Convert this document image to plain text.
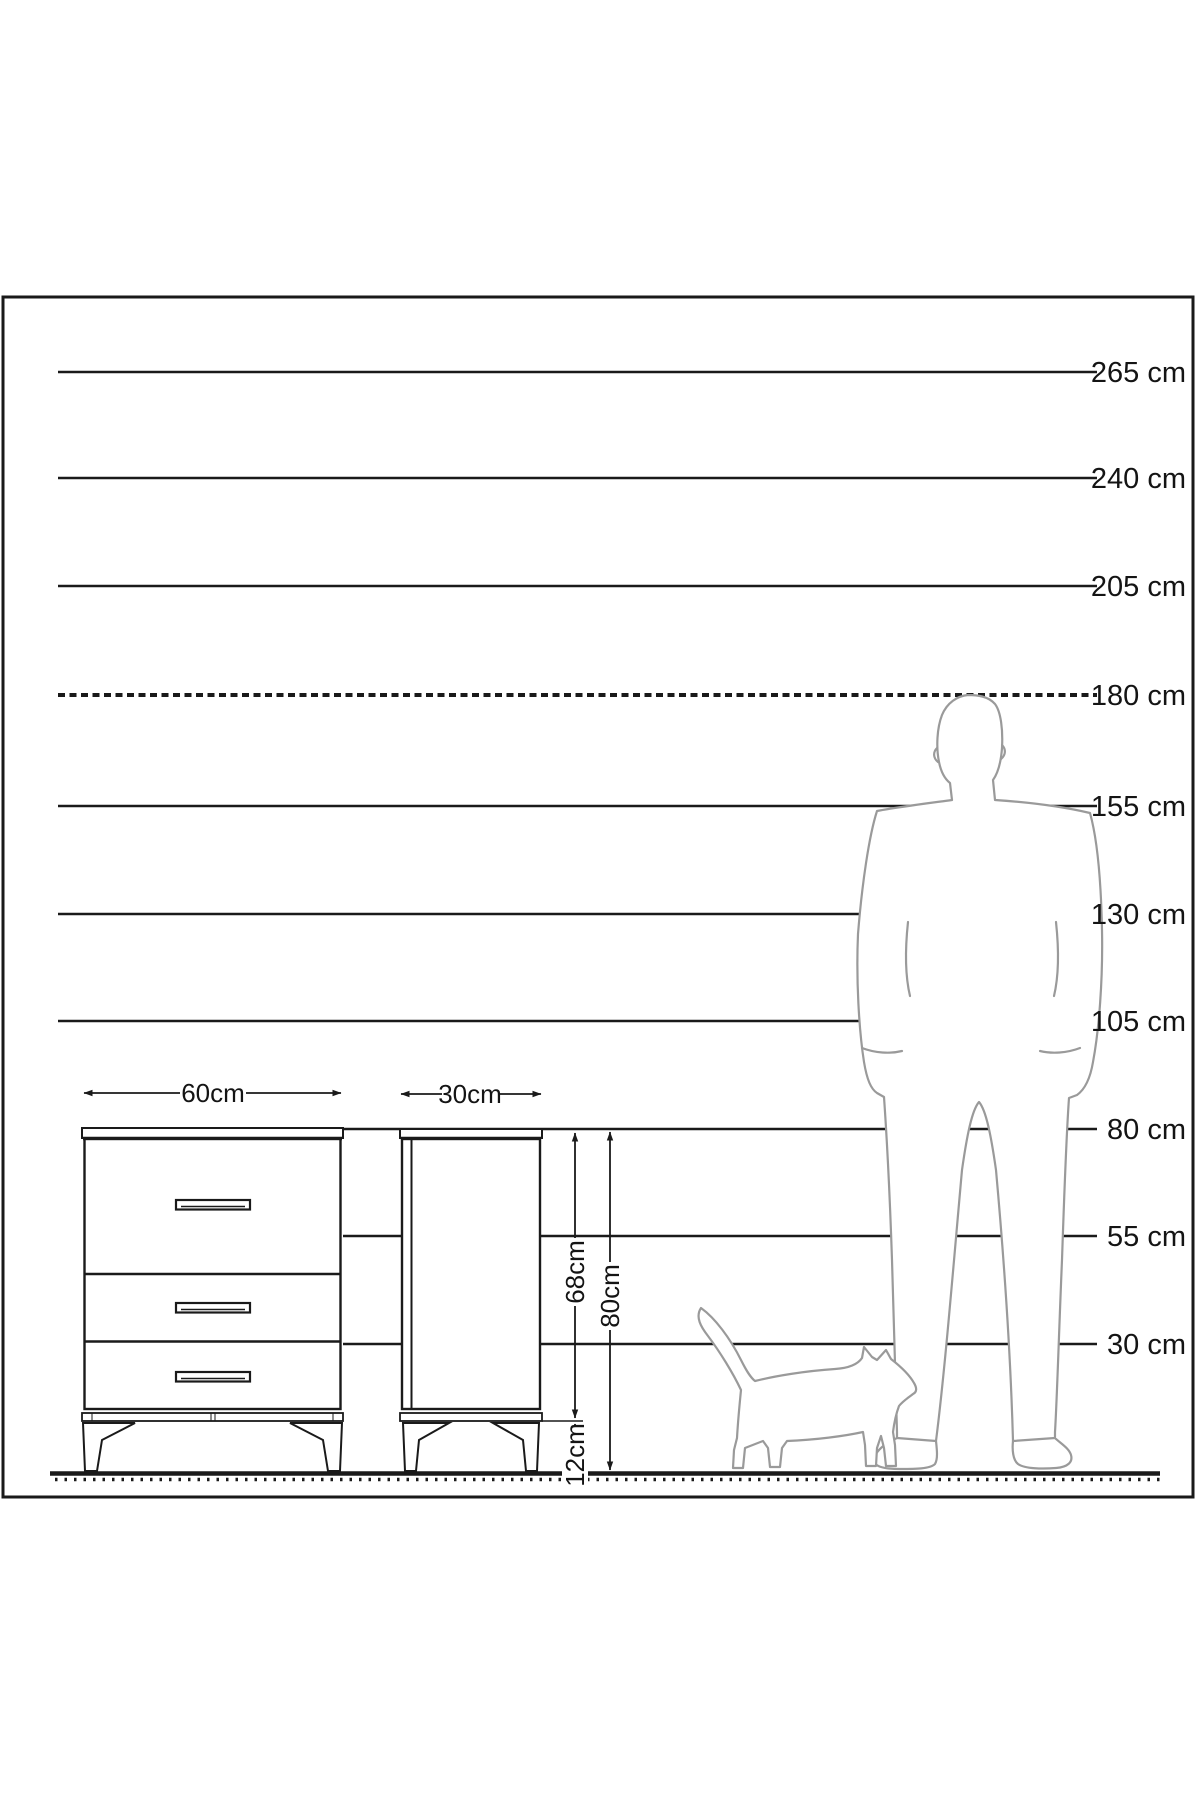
60cm	30cm
68cm
12cm
80cm
265 cm
240 cm
205 cm
180 cm
155 cm
130 cm
105 cm
80 cm
55 cm
30 cm
